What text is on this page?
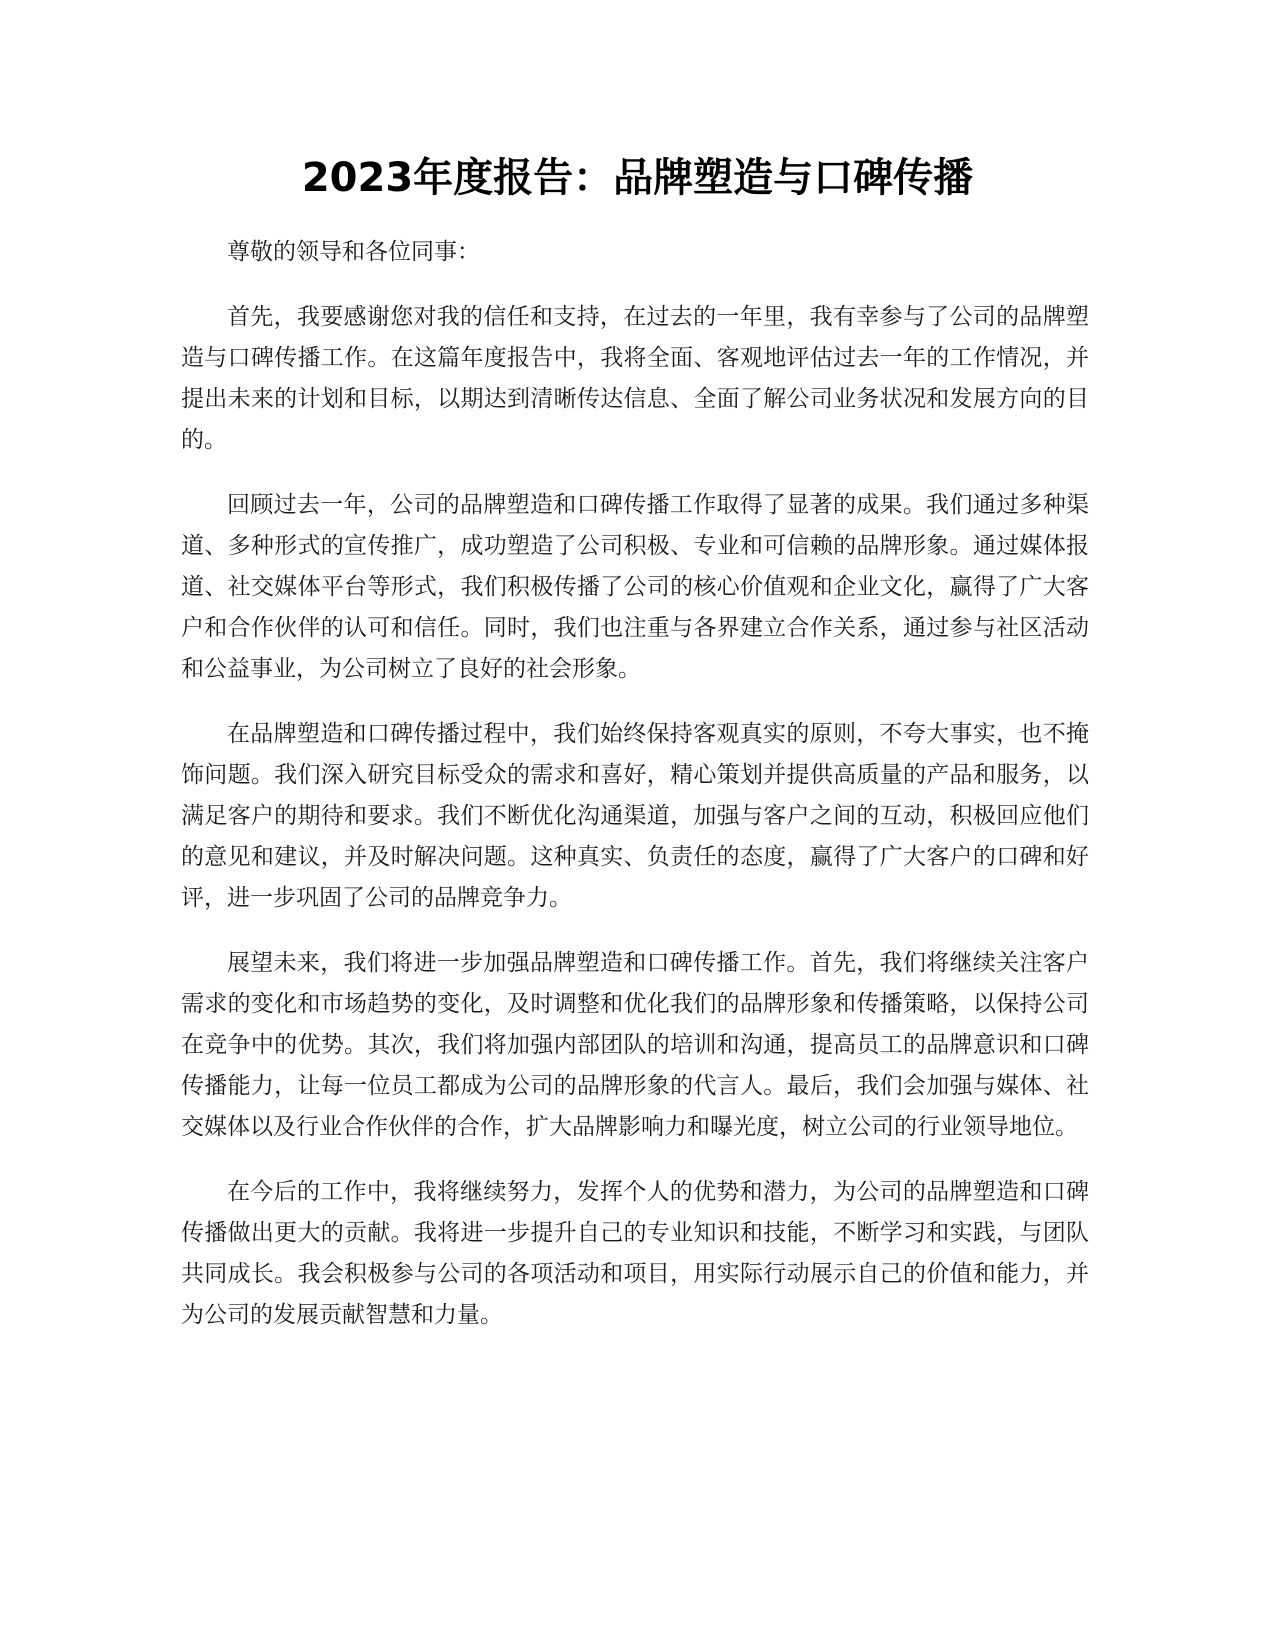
2023年度报告：品牌塑造与口碑传播

尊敬的领导和各位同事：

首先，我要感谢您对我的信任和支持，在过去的一年里，我有幸参与了公司的品牌塑造与口碑传播工作。在这篇年度报告中，我将全面、客观地评估过去一年的工作情况，并提出未来的计划和目标，以期达到清晰传达信息、全面了解公司业务状况和发展方向的目的。

回顾过去一年，公司的品牌塑造和口碑传播工作取得了显著的成果。我们通过多种渠道、多种形式的宣传推广，成功塑造了公司积极、专业和可信赖的品牌形象。通过媒体报道、社交媒体平台等形式，我们积极传播了公司的核心价值观和企业文化，赢得了广大客户和合作伙伴的认可和信任。同时，我们也注重与各界建立合作关系，通过参与社区活动和公益事业，为公司树立了良好的社会形象。

在品牌塑造和口碑传播过程中，我们始终保持客观真实的原则，不夸大事实，也不掩饰问题。我们深入研究目标受众的需求和喜好，精心策划并提供高质量的产品和服务，以满足客户的期待和要求。我们不断优化沟通渠道，加强与客户之间的互动，积极回应他们的意见和建议，并及时解决问题。这种真实、负责任的态度，赢得了广大客户的口碑和好评，进一步巩固了公司的品牌竞争力。

展望未来，我们将进一步加强品牌塑造和口碑传播工作。首先，我们将继续关注客户需求的变化和市场趋势的变化，及时调整和优化我们的品牌形象和传播策略，以保持公司在竞争中的优势。其次，我们将加强内部团队的培训和沟通，提高员工的品牌意识和口碑传播能力，让每一位员工都成为公司的品牌形象的代言人。最后，我们会加强与媒体、社交媒体以及行业合作伙伴的合作，扩大品牌影响力和曝光度，树立公司的行业领导地位。

在今后的工作中，我将继续努力，发挥个人的优势和潜力，为公司的品牌塑造和口碑传播做出更大的贡献。我将进一步提升自己的专业知识和技能，不断学习和实践，与团队共同成长。我会积极参与公司的各项活动和项目，用实际行动展示自己的价值和能力，并为公司的发展贡献智慧和力量。
